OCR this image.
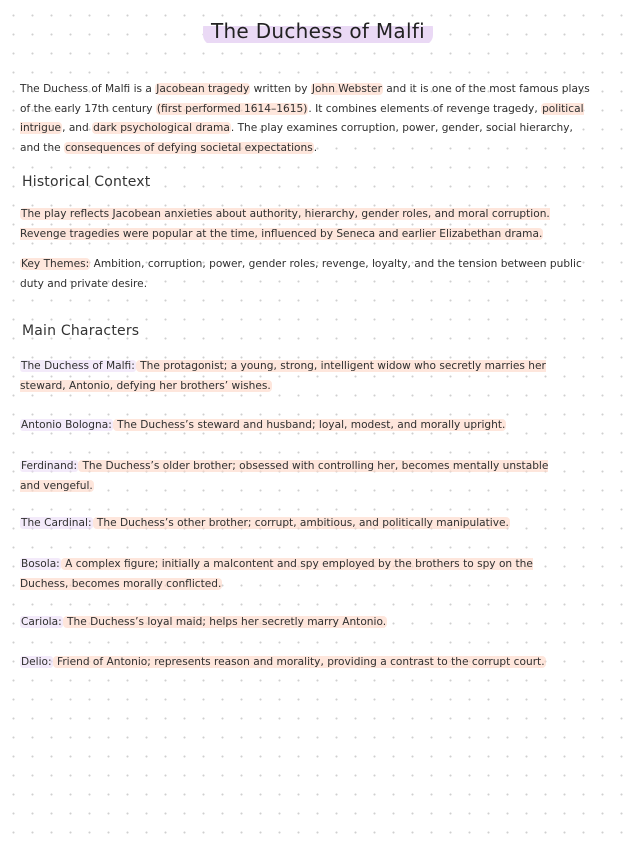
The Duchess of Malfi
The Duchess of Malfi is a Jacobean tragedy written by John Webster and it is one of the most famous plays of the early 17th century (first performed 1614–1615). It combines elements of revenge tragedy, political intrigue, and dark psychological drama. The play examines corruption, power, gender, social hierarchy, and the consequences of defying societal expectations.
Historical Context
The play reflects Jacobean anxieties about authority, hierarchy, gender roles, and moral corruption. Revenge tragedies were popular at the time, influenced by Seneca and earlier Elizabethan drama.
Key Themes: Ambition, corruption, power, gender roles, revenge, loyalty, and the tension between public duty and private desire.
Main Characters
The Duchess of Malfi: The protagonist; a young, strong, intelligent widow who secretly marries her steward, Antonio, defying her brothers’ wishes.
Antonio Bologna: The Duchess’s steward and husband; loyal, modest, and morally upright.
Ferdinand: The Duchess’s older brother; obsessed with controlling her, becomes mentally unstable and vengeful.
The Cardinal: The Duchess’s other brother; corrupt, ambitious, and politically manipulative.
Bosola: A complex figure; initially a malcontent and spy employed by the brothers to spy on the Duchess, becomes morally conflicted.
Cariola: The Duchess’s loyal maid; helps her secretly marry Antonio.
Delio: Friend of Antonio; represents reason and morality, providing a contrast to the corrupt court.
